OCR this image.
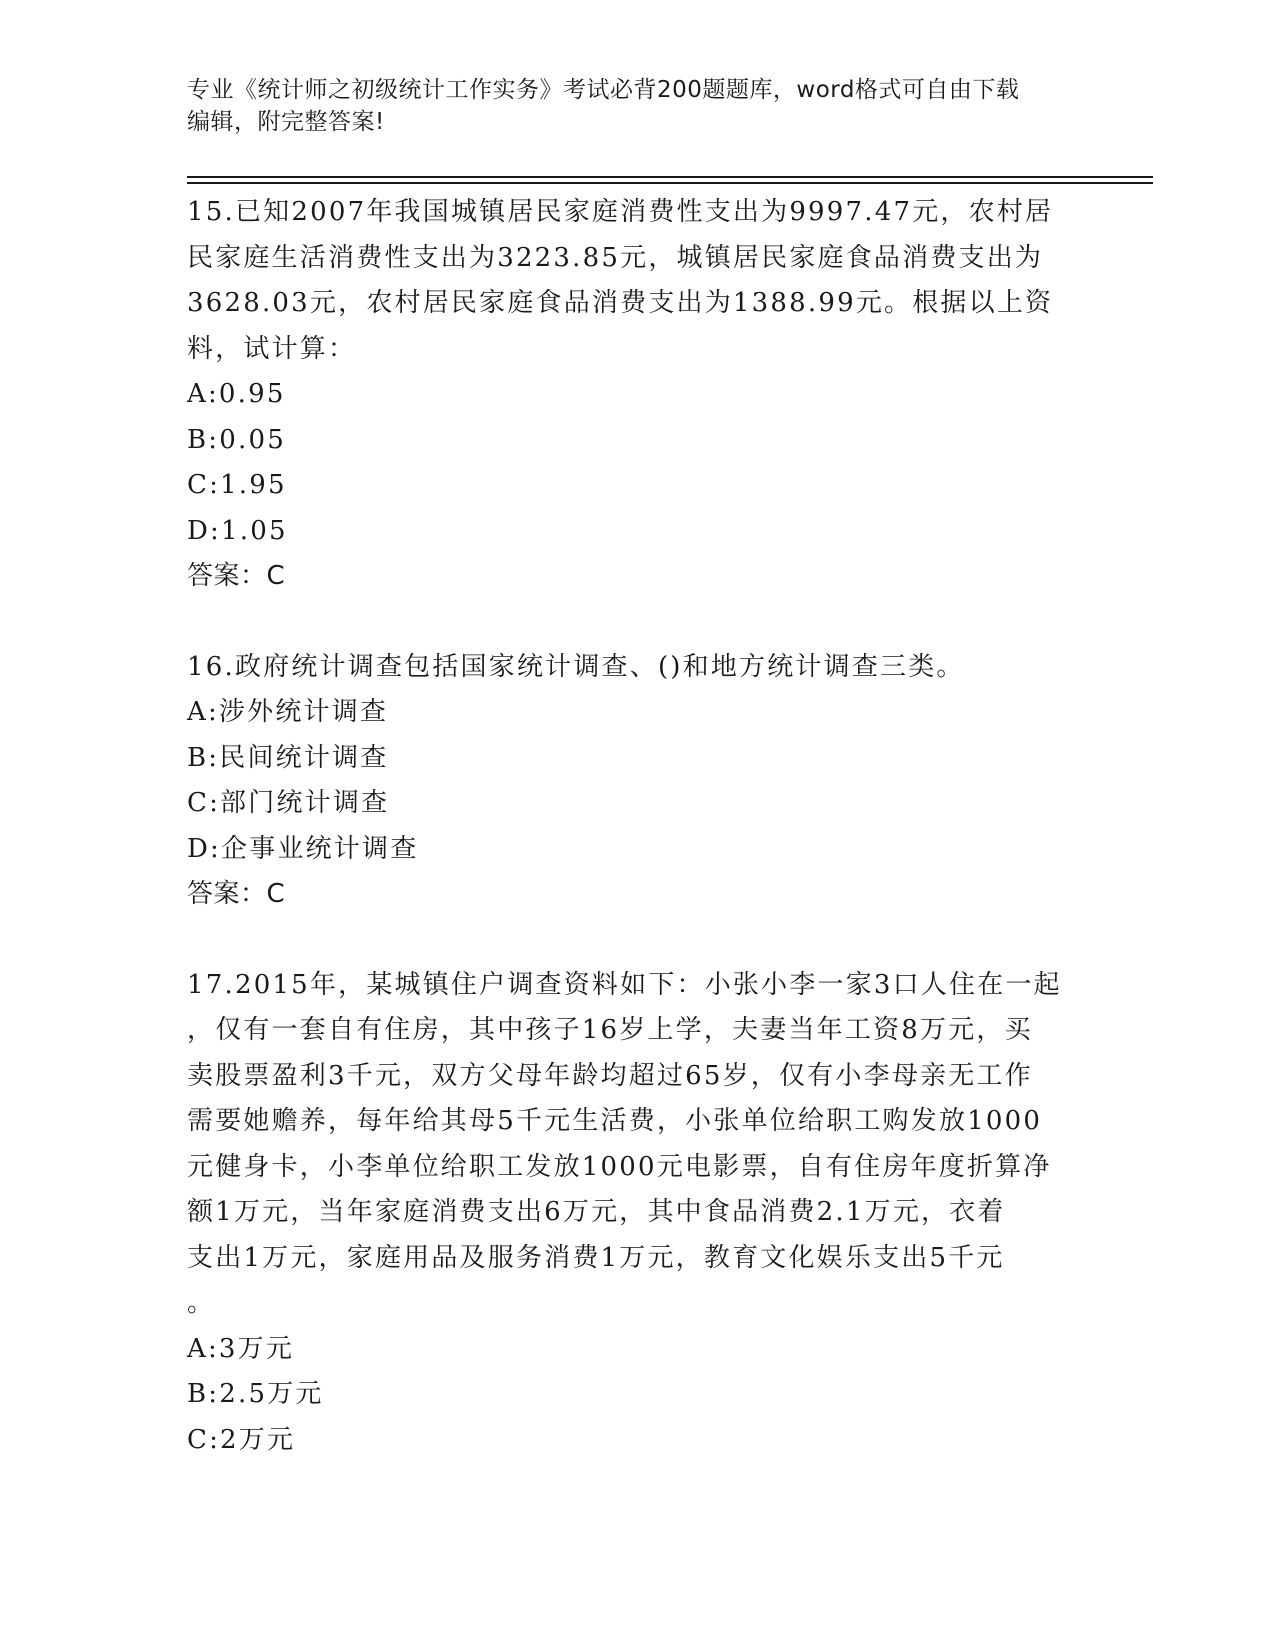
专业《统计师之初级统计工作实务》考试必背200题题库，word格式可自由下载
编辑，附完整答案!

15.已知2007年我国城镇居民家庭消费性支出为9997.47元，农村居

民家庭生活消费性支出为3223.85元，城镇居民家庭食品消费支出为

3628.03元，农村居民家庭食品消费支出为1388.99元。根据以上资

料，试计算：

A:0.95

B:0.05

C:1.95

D:1.05

答案：C

16.政府统计调查包括国家统计调查、()和地方统计调查三类。

A:涉外统计调查

B:民间统计调查

C:部门统计调查

D:企事业统计调查

答案：C

17.2015年，某城镇住户调查资料如下：小张小李一家3口人住在一起

，仅有一套自有住房，其中孩子16岁上学，夫妻当年工资8万元，买

卖股票盈利3千元，双方父母年龄均超过65岁，仅有小李母亲无工作

需要她赡养，每年给其母5千元生活费，小张单位给职工购发放1000

元健身卡，小李单位给职工发放1000元电影票，自有住房年度折算净

额1万元，当年家庭消费支出6万元，其中食品消费2.1万元，衣着

支出1万元，家庭用品及服务消费1万元，教育文化娱乐支出5千元

。

A:3万元

B:2.5万元

C:2万元
